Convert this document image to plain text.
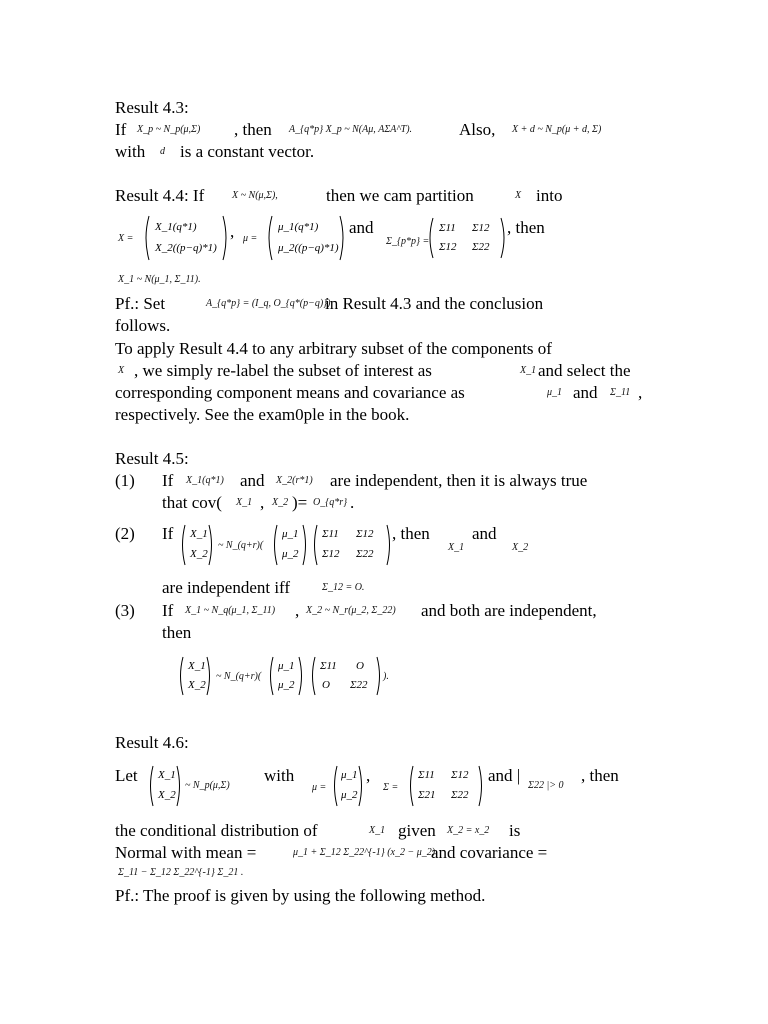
Result 4.3:
If X_p ~ N_p(μ,Σ) , then A_{q*p} X_p ~ N(Aμ, AΣA^T).	Also, X + d ~ N_p(μ + d, Σ)
with d is a constant vector.
Result 4.4: If	X ~ N(μ,Σ),	then we cam partition	X into
X =
X_1(q*1)
X_2((p−q)*1)
, μ =
μ_1(q*1)
μ_2((p−q)*1)
and
Σ_{p*p} =
Σ11 Σ12
Σ12 Σ22
, then
X_1 ~ N(μ_1, Σ_11).
Pf.: Set	A_{q*p} = (I_q, O_{q*(p−q)})
in Result 4.3 and the conclusion
follows.
To apply Result 4.4 to any arbitrary subset of the components of
X , we simply re-label the subset of interest as	X_1 and select the
corresponding component means and covariance as	μ_1 and Σ_11 ,
respectively. See the exam0ple in the book.
Result 4.5:
(1) If X_1(q*1) and X_2(r*1) are independent, then it is always true
that cov( X_1 , X_2 )= O_{q*r} .
(2) If X_1
X_2
~ N_(q+r)(
μ_1
μ_2
Σ11 Σ12
Σ12 Σ22
, then
X_1
and
X_2
are independent iff	Σ_12 = O.
(3) If X_1 ~ N_q(μ_1, Σ_11) , X_2 ~ N_r(μ_2, Σ_22) and both are independent,
then
X_1
X_2
~ N_(q+r)(
μ_1
μ_2
Σ11 O
O Σ22
).
Result 4.6:
Let X_1
X_2
~ N_p(μ,Σ)
with
μ =
μ_1
μ_2
,
Σ =
Σ11 Σ12
Σ21 Σ22
and |
Σ22 |> 0
, then
the conditional distribution of	X_1 given X_2 = x_2 is
Normal with mean =	μ_1 + Σ_12 Σ_22^{-1} (x_2 − μ_2)
and covariance =
Σ_11 − Σ_12 Σ_22^{-1} Σ_21 .
Pf.: The proof is given by using the following method.
